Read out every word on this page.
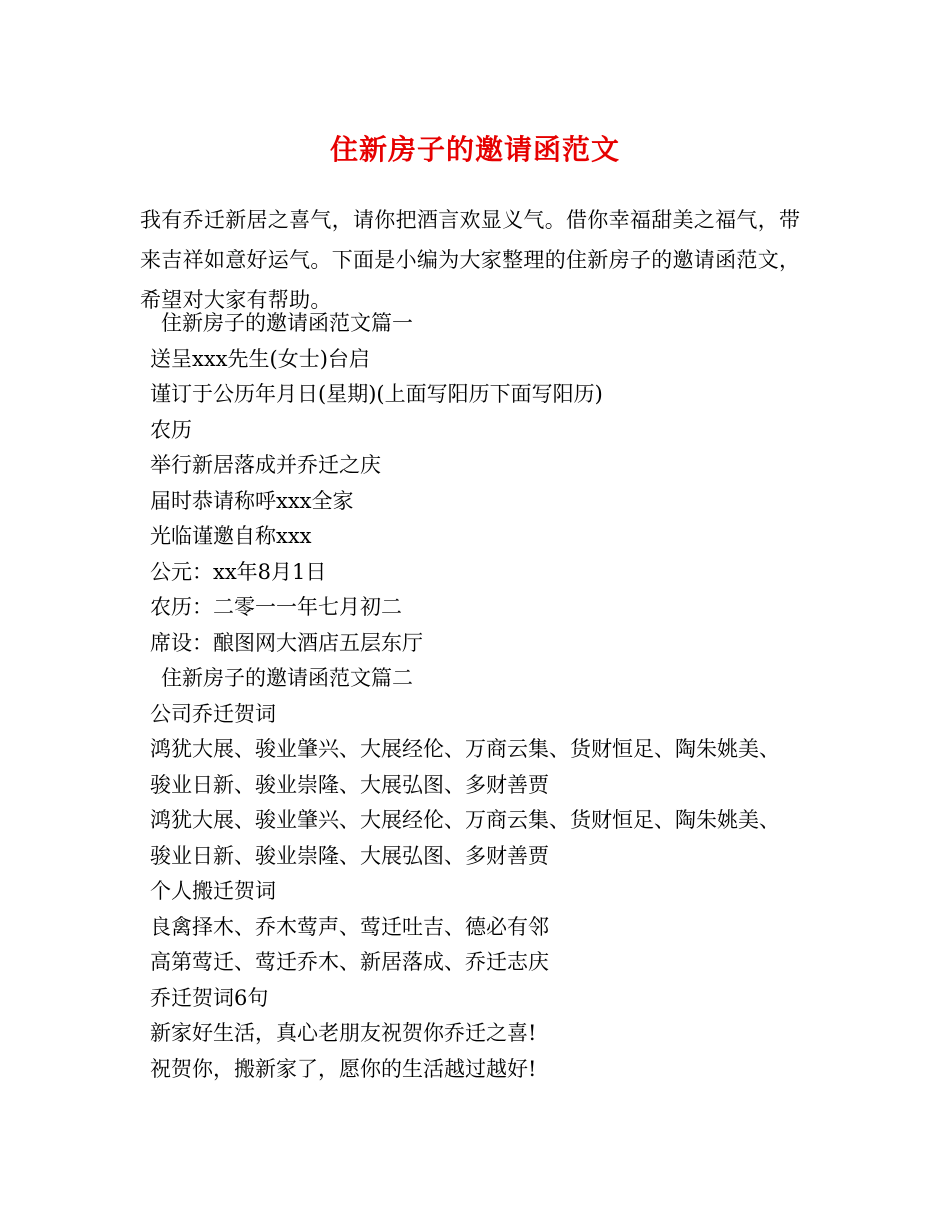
住新房子的邀请函范文
我有乔迁新居之喜气，请你把酒言欢显义气。借你幸福甜美之福气，带来吉祥如意好运气。下面是小编为大家整理的住新房子的邀请函范文，希望对大家有帮助。
住新房子的邀请函范文篇一
送呈xxx先生(女士)台启
谨订于公历年月日(星期)(上面写阳历下面写阳历)
农历
举行新居落成并乔迁之庆
届时恭请称呼xxx全家
光临谨邀自称xxx
公元：xx年8月1日
农历：二零一一年七月初二
席设：酿图网大酒店五层东厅
住新房子的邀请函范文篇二
公司乔迁贺词
鸿犹大展、骏业肇兴、大展经伦、万商云集、货财恒足、陶朱姚美、
骏业日新、骏业崇隆、大展弘图、多财善贾
鸿犹大展、骏业肇兴、大展经伦、万商云集、货财恒足、陶朱姚美、
骏业日新、骏业崇隆、大展弘图、多财善贾
个人搬迁贺词
良禽择木、乔木莺声、莺迁吐吉、德必有邻
高第莺迁、莺迁乔木、新居落成、乔迁志庆
乔迁贺词6句
新家好生活，真心老朋友祝贺你乔迁之喜!
祝贺你，搬新家了，愿你的生活越过越好!
